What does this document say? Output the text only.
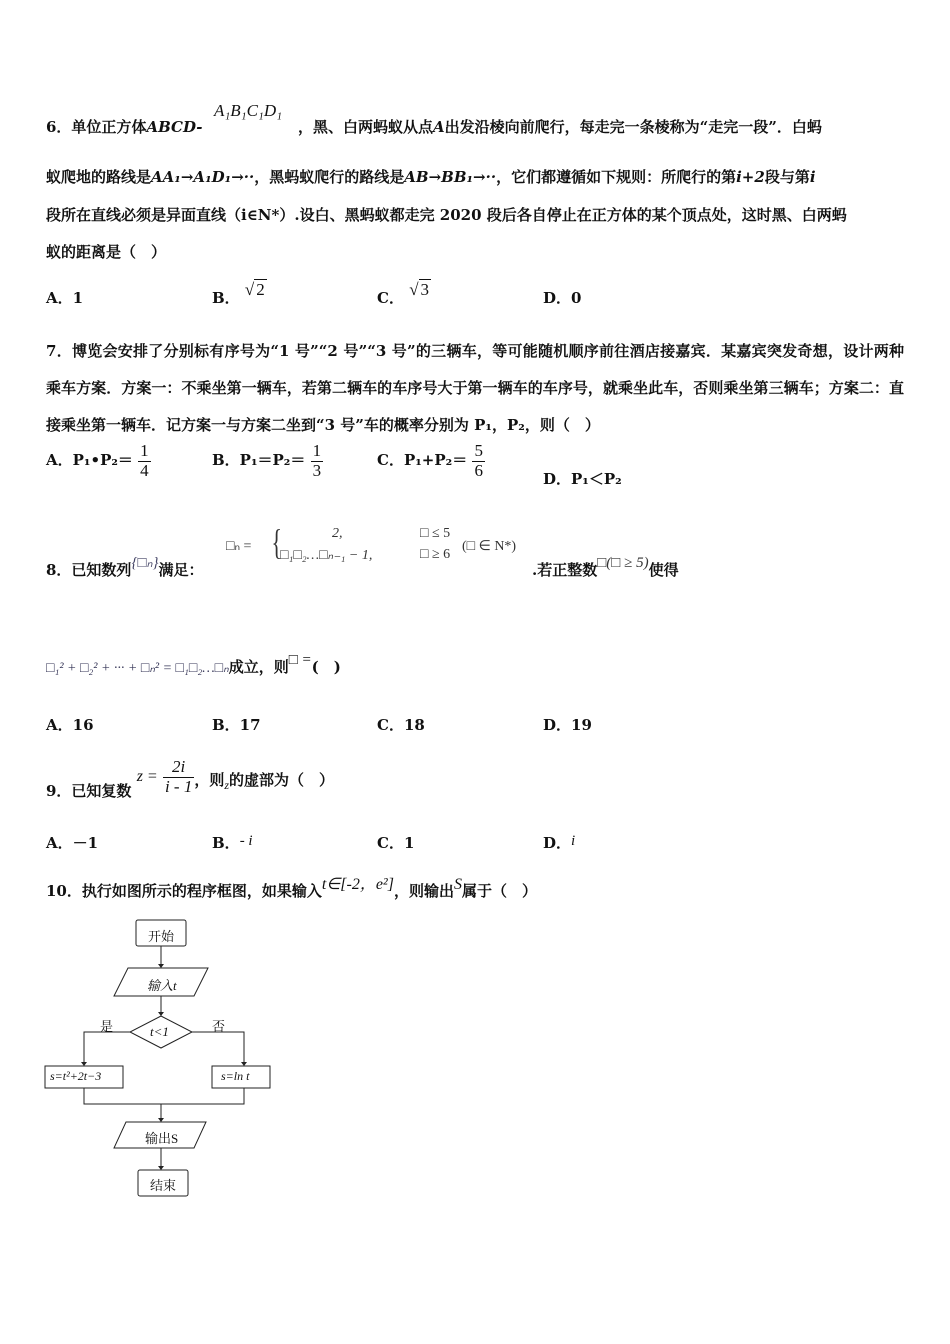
6．单位正方体ABCD-
A₁B₁C₁D₁
，黑、白两蚂蚁从点A出发沿棱向前爬行，每走完一条棱称为“走完一段”．白蚂
蚁爬地的路线是AA₁→A₁D₁→··，黑蚂蚁爬行的路线是AB→BB₁→··，它们都遵循如下规则：所爬行的第i+2段与第i
段所在直线必须是异面直线（i∈N*）.设白、黑蚂蚁都走完 2020 段后各自停止在正方体的某个顶点处，这时黑、白两蚂
蚁的距离是（　）
A．1	B． √ 2	C． √ 3	D．0
7．博览会安排了分别标有序号为“1 号”“2 号”“3 号”的三辆车，等可能随机顺序前往酒店接嘉宾．某嘉宾突发奇想，设计两种乘车方案．方案一：不乘坐第一辆车，若第二辆车的车序号大于第一辆车的车序号，就乘坐此车，否则乘坐第三辆车；方案二：直接乘坐第一辆车．记方案一与方案二坐到“3 号”车的概率分别为 P₁，P₂，则（　）
A．P₁•P₂＝ $\frac{1}{4}$	B．$P_1=P_2= \frac{1}{3}$	C．$P_1+P_2= \frac{5}{6}$	D．P₁＜P₂
8．已知数列{□ₙ}满足：
□ₙ = {	2,
□₁□₂…□ₙ₋₁ − 1,
□ ≤ 5
□ ≥ 6
(□ ∈ N*)
.若正整数□(□ ≥ 5)使得
□₁² + □₂² + ··· + □ₙ² = □₁□₂…□ₙ成立，则□ =(　)
A．16	B．17	C．18	D．19
9．已知复数 $z = \frac{2i}{i - 1}$ ，则$_z$的虚部为（　）
A．－1	B．- i	C．1	D．i
10．执行如图所示的程序框图，如果输入t∈[-2，e²]，则输出S属于（　）
开始
输入t
t<1
是	否
s=t²+2t−3	s=ln t
输出S
结束
